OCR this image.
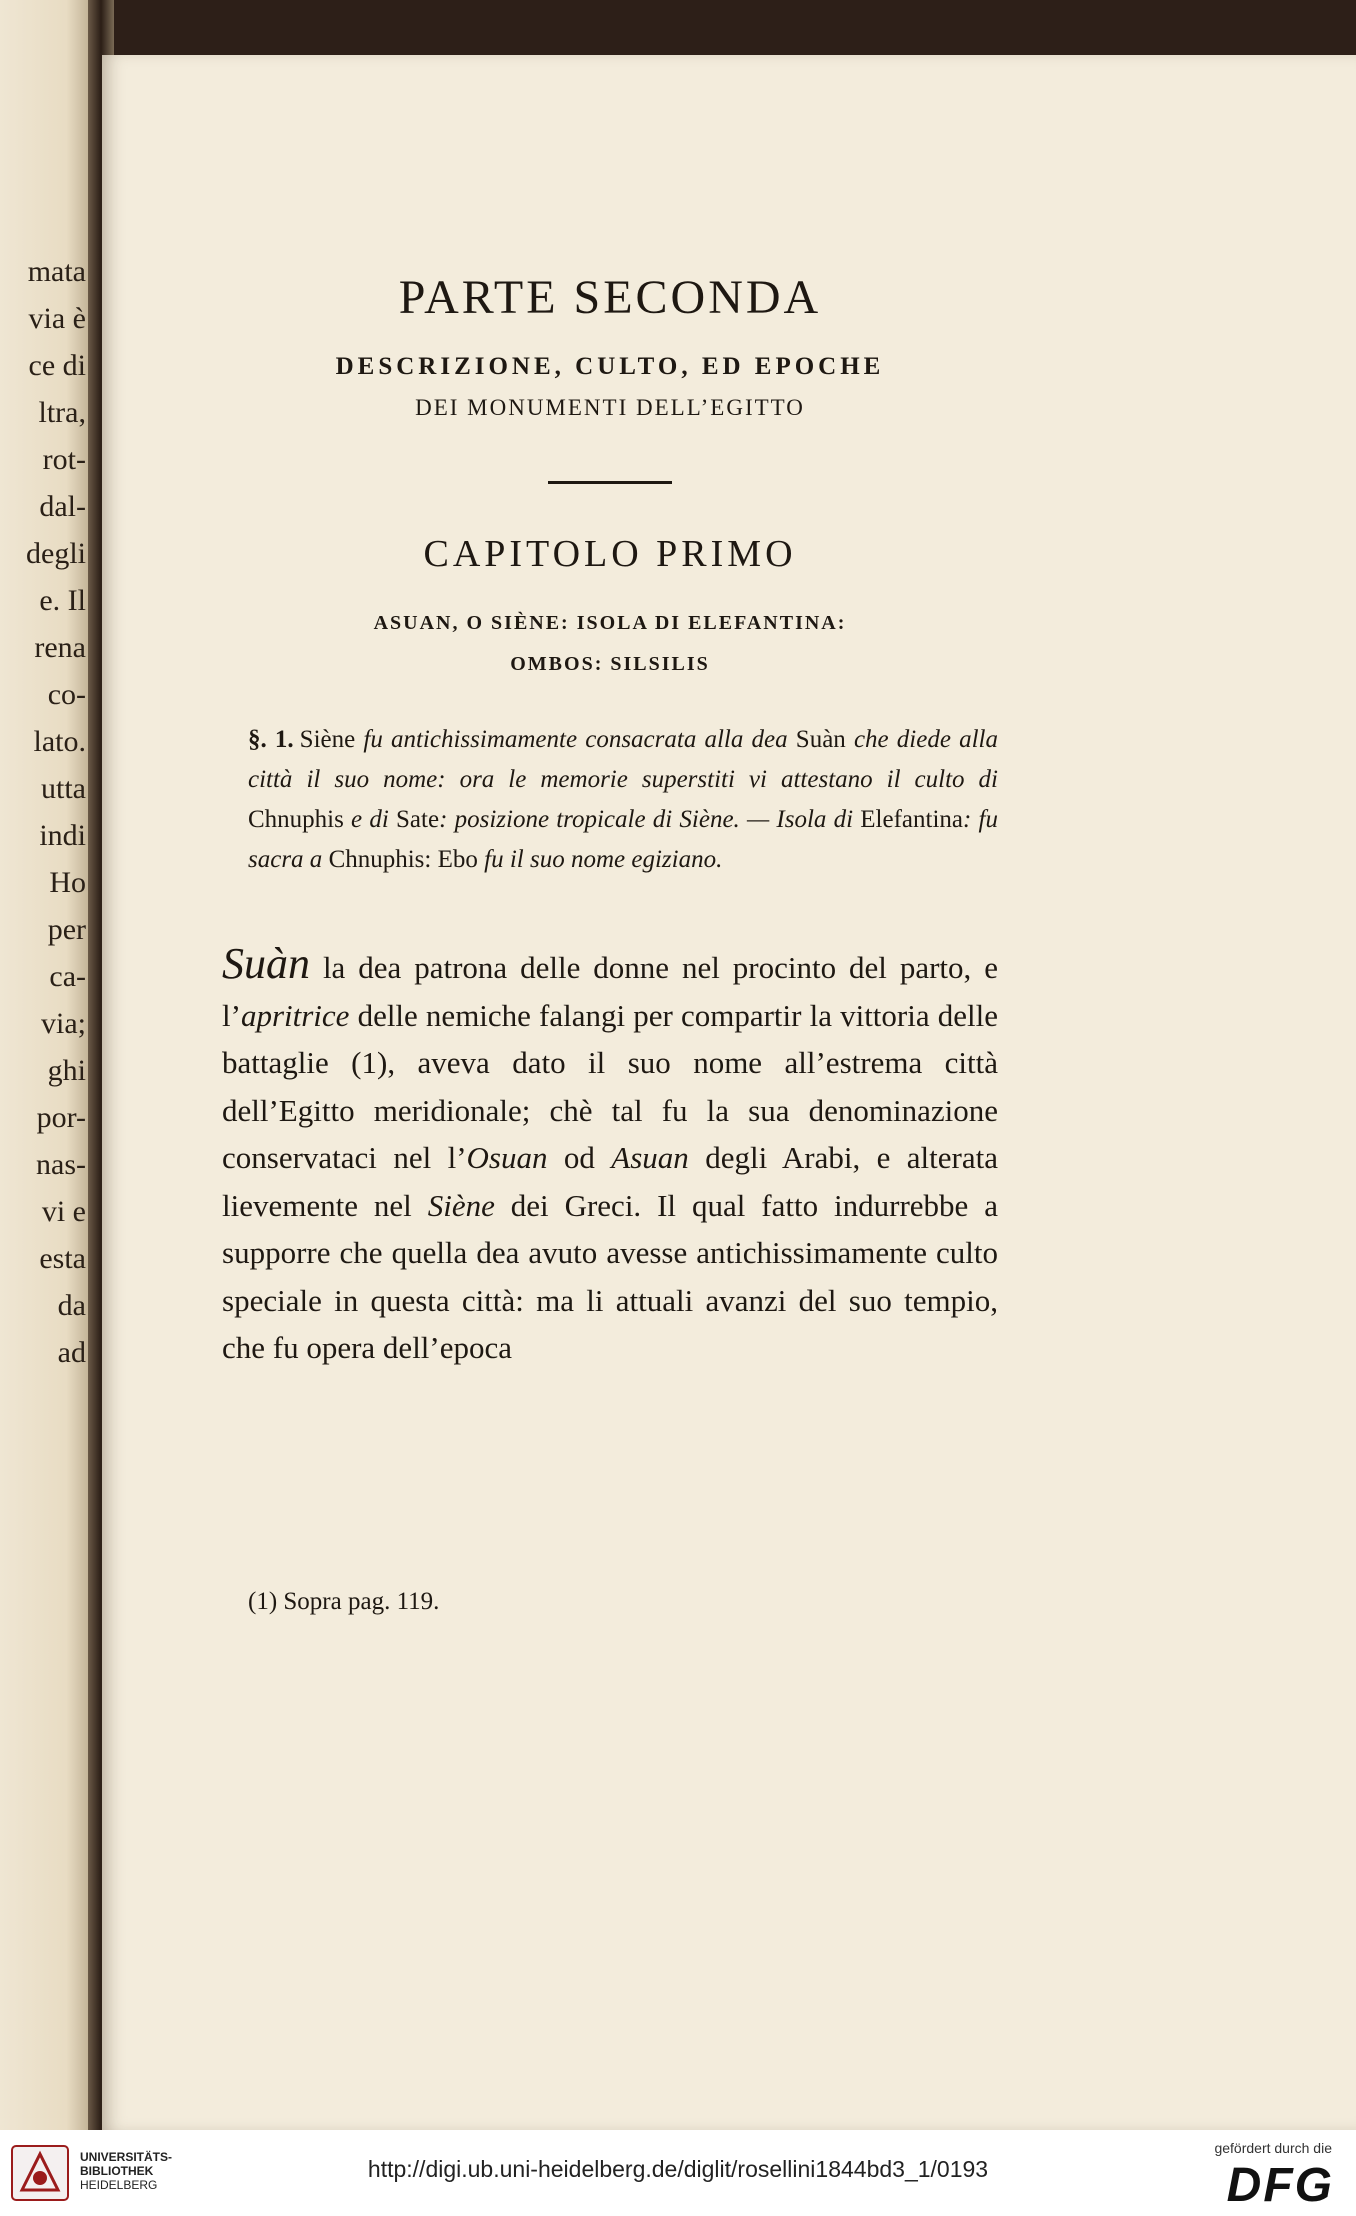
mata
via è
ce di
ltra,
rot-
dal-
degli
e. Il
rena
co-
lato.
utta
indi
Ho
per
ca-
via;
ghi
por-
nas-
vi e
esta
da
ad
PARTE SECONDA
DESCRIZIONE, CULTO, ED EPOCHE
DEI MONUMENTI DELL’EGITTO
CAPITOLO PRIMO
ASUAN, O SIÈNE: ISOLA DI ELEFANTINA:
OMBOS: SILSILIS
§. 1. Siène fu antichissimamente consacrata alla dea Suàn che diede alla città il suo nome: ora le memorie superstiti vi attestano il culto di Chnuphis e di Sate: posizione tropicale di Siène. — Isola di Elefantina: fu sacra a Chnuphis: Ebo fu il suo nome egiziano.
Suàn la dea patrona delle donne nel procinto del parto, e l’apritrice delle nemiche falangi per compartir la vittoria delle battaglie (1), aveva dato il suo nome all’estrema città dell’Egitto meridionale; chè tal fu la sua denominazione conservataci nel l’Osuan od Asuan degli Arabi, e alterata lievemente nel Siène dei Greci. Il qual fatto indurrebbe a supporre che quella dea avuto avesse antichissimamente culto speciale in questa città: ma li attuali avanzi del suo tempio, che fu opera dell’epoca
(1) Sopra pag. 119.
UNIVERSITÄTS-
BIBLIOTHEK
HEIDELBERG
http://digi.ub.uni-heidelberg.de/diglit/rosellini1844bd3_1/0193
gefördert durch die
DFG
